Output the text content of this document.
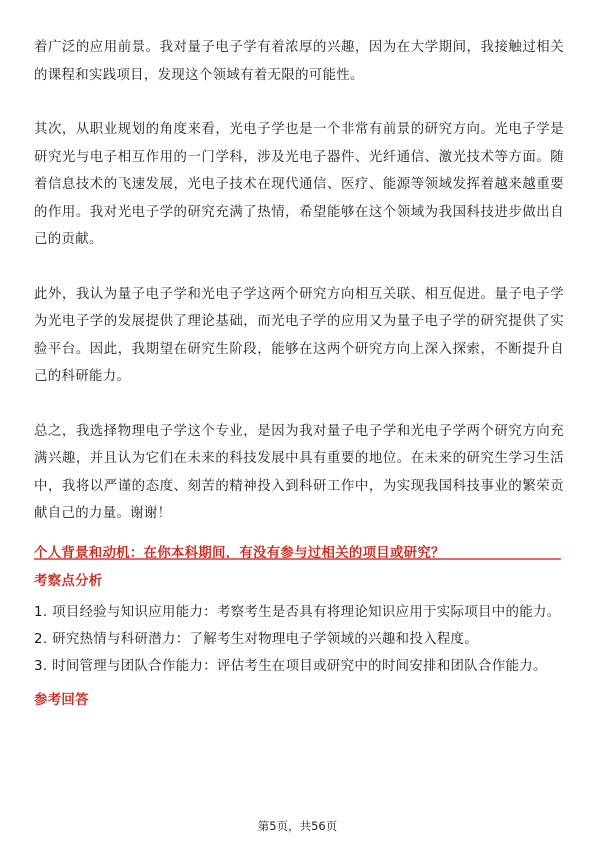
着广泛的应用前景。我对量子电子学有着浓厚的兴趣，因为在大学期间，我接触过相关的课程和实践项目，发现这个领域有着无限的可能性。

其次，从职业规划的角度来看，光电子学也是一个非常有前景的研究方向。光电子学是研究光与电子相互作用的一门学科，涉及光电子器件、光纤通信、激光技术等方面。随着信息技术的飞速发展，光电子技术在现代通信、医疗、能源等领域发挥着越来越重要的作用。我对光电子学的研究充满了热情，希望能够在这个领域为我国科技进步做出自己的贡献。

此外，我认为量子电子学和光电子学这两个研究方向相互关联、相互促进。量子电子学为光电子学的发展提供了理论基础，而光电子学的应用又为量子电子学的研究提供了实验平台。因此，我期望在研究生阶段，能够在这两个研究方向上深入探索，不断提升自己的科研能力。

总之，我选择物理电子学这个专业，是因为我对量子电子学和光电子学两个研究方向充满兴趣，并且认为它们在未来的科技发展中具有重要的地位。在未来的研究生学习生活中，我将以严谨的态度、刻苦的精神投入到科研工作中，为实现我国科技事业的繁荣贡献自己的力量。谢谢！

个人背景和动机：在你本科期间，有没有参与过相关的项目或研究？
考察点分析
1. 项目经验与知识应用能力：考察考生是否具有将理论知识应用于实际项目中的能力。
2. 研究热情与科研潜力：了解考生对物理电子学领域的兴趣和投入程度。
3. 时间管理与团队合作能力：评估考生在项目或研究中的时间安排和团队合作能力。
参考回答
第5页，共56页
